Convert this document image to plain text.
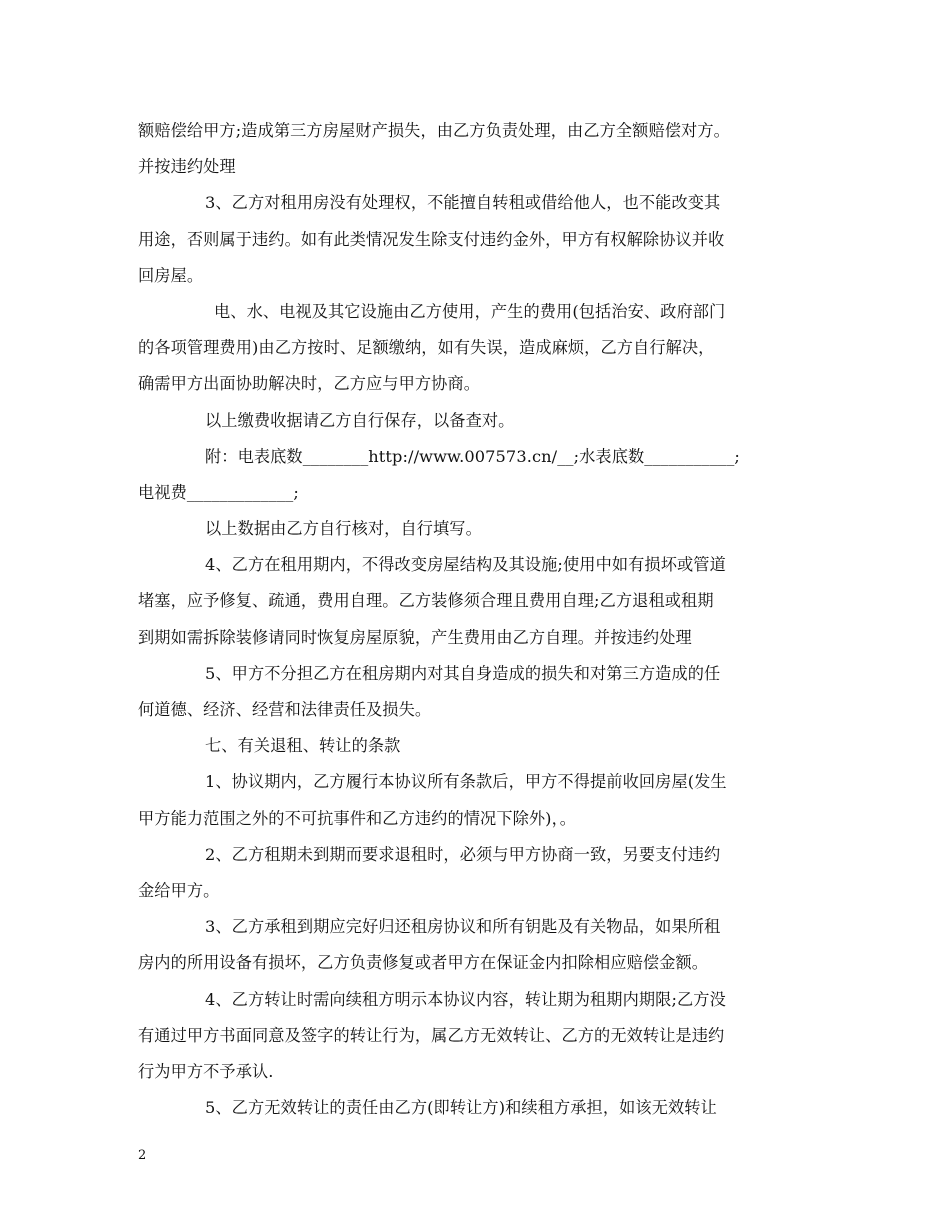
额赔偿给甲方;造成第三方房屋财产损失，由乙方负责处理，由乙方全额赔偿对方。
并按违约处理
3、乙方对租用房没有处理权，不能擅自转租或借给他人，也不能改变其
用途，否则属于违约。如有此类情况发生除支付违约金外，甲方有权解除协议并收
回房屋。
电、水、电视及其它设施由乙方使用，产生的费用(包括治安、政府部门
的各项管理费用)由乙方按时、足额缴纳，如有失误，造成麻烦，乙方自行解决，
确需甲方出面协助解决时，乙方应与甲方协商。
以上缴费收据请乙方自行保存，以备查对。
附：电表底数________http://www.007573.cn/__;水表底数___________;
电视费_____________;
以上数据由乙方自行核对，自行填写。
4、乙方在租用期内，不得改变房屋结构及其设施;使用中如有损坏或管道
堵塞，应予修复、疏通，费用自理。乙方装修须合理且费用自理;乙方退租或租期
到期如需拆除装修请同时恢复房屋原貌，产生费用由乙方自理。并按违约处理
5、甲方不分担乙方在租房期内对其自身造成的损失和对第三方造成的任
何道德、经济、经营和法律责任及损失。
七、有关退租、转让的条款
1、协议期内，乙方履行本协议所有条款后，甲方不得提前收回房屋(发生
甲方能力范围之外的不可抗事件和乙方违约的情况下除外)，。
2、乙方租期未到期而要求退租时，必须与甲方协商一致，另要支付违约
金给甲方。
3、乙方承租到期应完好归还租房协议和所有钥匙及有关物品，如果所租
房内的所用设备有损坏，乙方负责修复或者甲方在保证金内扣除相应赔偿金额。
4、乙方转让时需向续租方明示本协议内容，转让期为租期内期限;乙方没
有通过甲方书面同意及签字的转让行为，属乙方无效转让、乙方的无效转让是违约
行为甲方不予承认.
5、乙方无效转让的责任由乙方(即转让方)和续租方承担，如该无效转让
2
